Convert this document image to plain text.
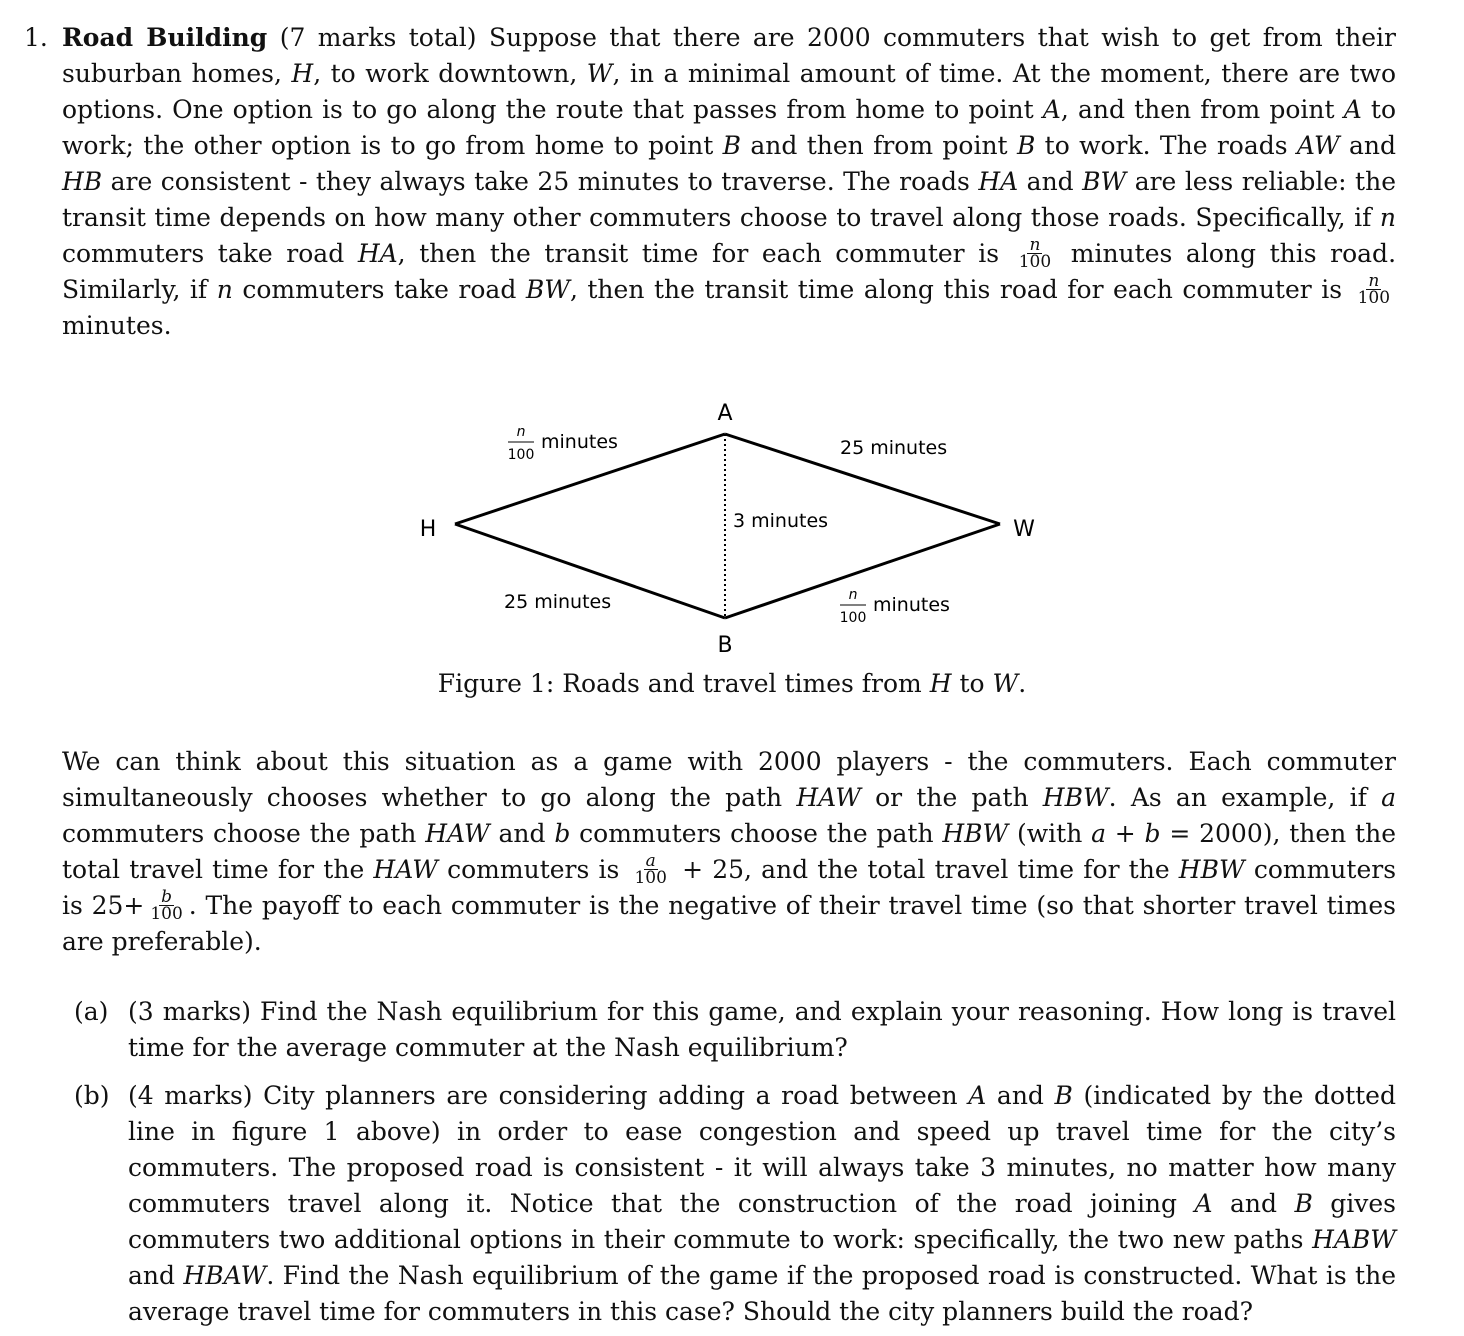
1. Road Building (7 marks total) Suppose that there are 2000 commuters that wish to get from their suburban homes, H, to work downtown, W, in a minimal amount of time. At the moment, there are two options. One option is to go along the route that passes from home to point A, and then from point A to work; the other option is to go from home to point B and then from point B to work. The roads AW and HB are consistent - they always take 25 minutes to traverse. The roads HA and BW are less reliable: the transit time depends on how many other commuters choose to travel along those roads. Specifically, if n commuters take road HA, then the transit time for each commuter is $\frac{n}{100}$ minutes along this road. Similarly, if n commuters take road BW, then the transit time along this road for each commuter is $\frac{n}{100}$
minutes.

A
B
H	W
n
100
minutes	25 minutes
3 minutes
25 minutes	n
100
minutes
Figure 1: Roads and travel times from H to W.

We can think about this situation as a game with 2000 players - the commuters. Each commuter simultaneously chooses whether to go along the path HAW or the path HBW. As an example, if a commuters choose the path HAW and b commuters choose the path HBW (with a + b = 2000), then the total travel time for the HAW commuters is $\frac{a}{100} + 25$, and the total travel time for the HBW commuters is $25+ \frac{b}{100}$ . The payoff to each commuter is the negative of their travel time (so that shorter travel times are preferable).

(a) (3 marks) Find the Nash equilibrium for this game, and explain your reasoning. How long is travel time for the average commuter at the Nash equilibrium?

(b) (4 marks) City planners are considering adding a road between A and B (indicated by the dotted line in figure 1 above) in order to ease congestion and speed up travel time for the city’s commuters. The proposed road is consistent - it will always take 3 minutes, no matter how many commuters travel along it. Notice that the construction of the road joining A and B gives commuters two additional options in their commute to work: specifically, the two new paths HABW and HBAW. Find the Nash equilibrium of the game if the proposed road is constructed. What is the average travel time for commuters in this case? Should the city planners build the road?
